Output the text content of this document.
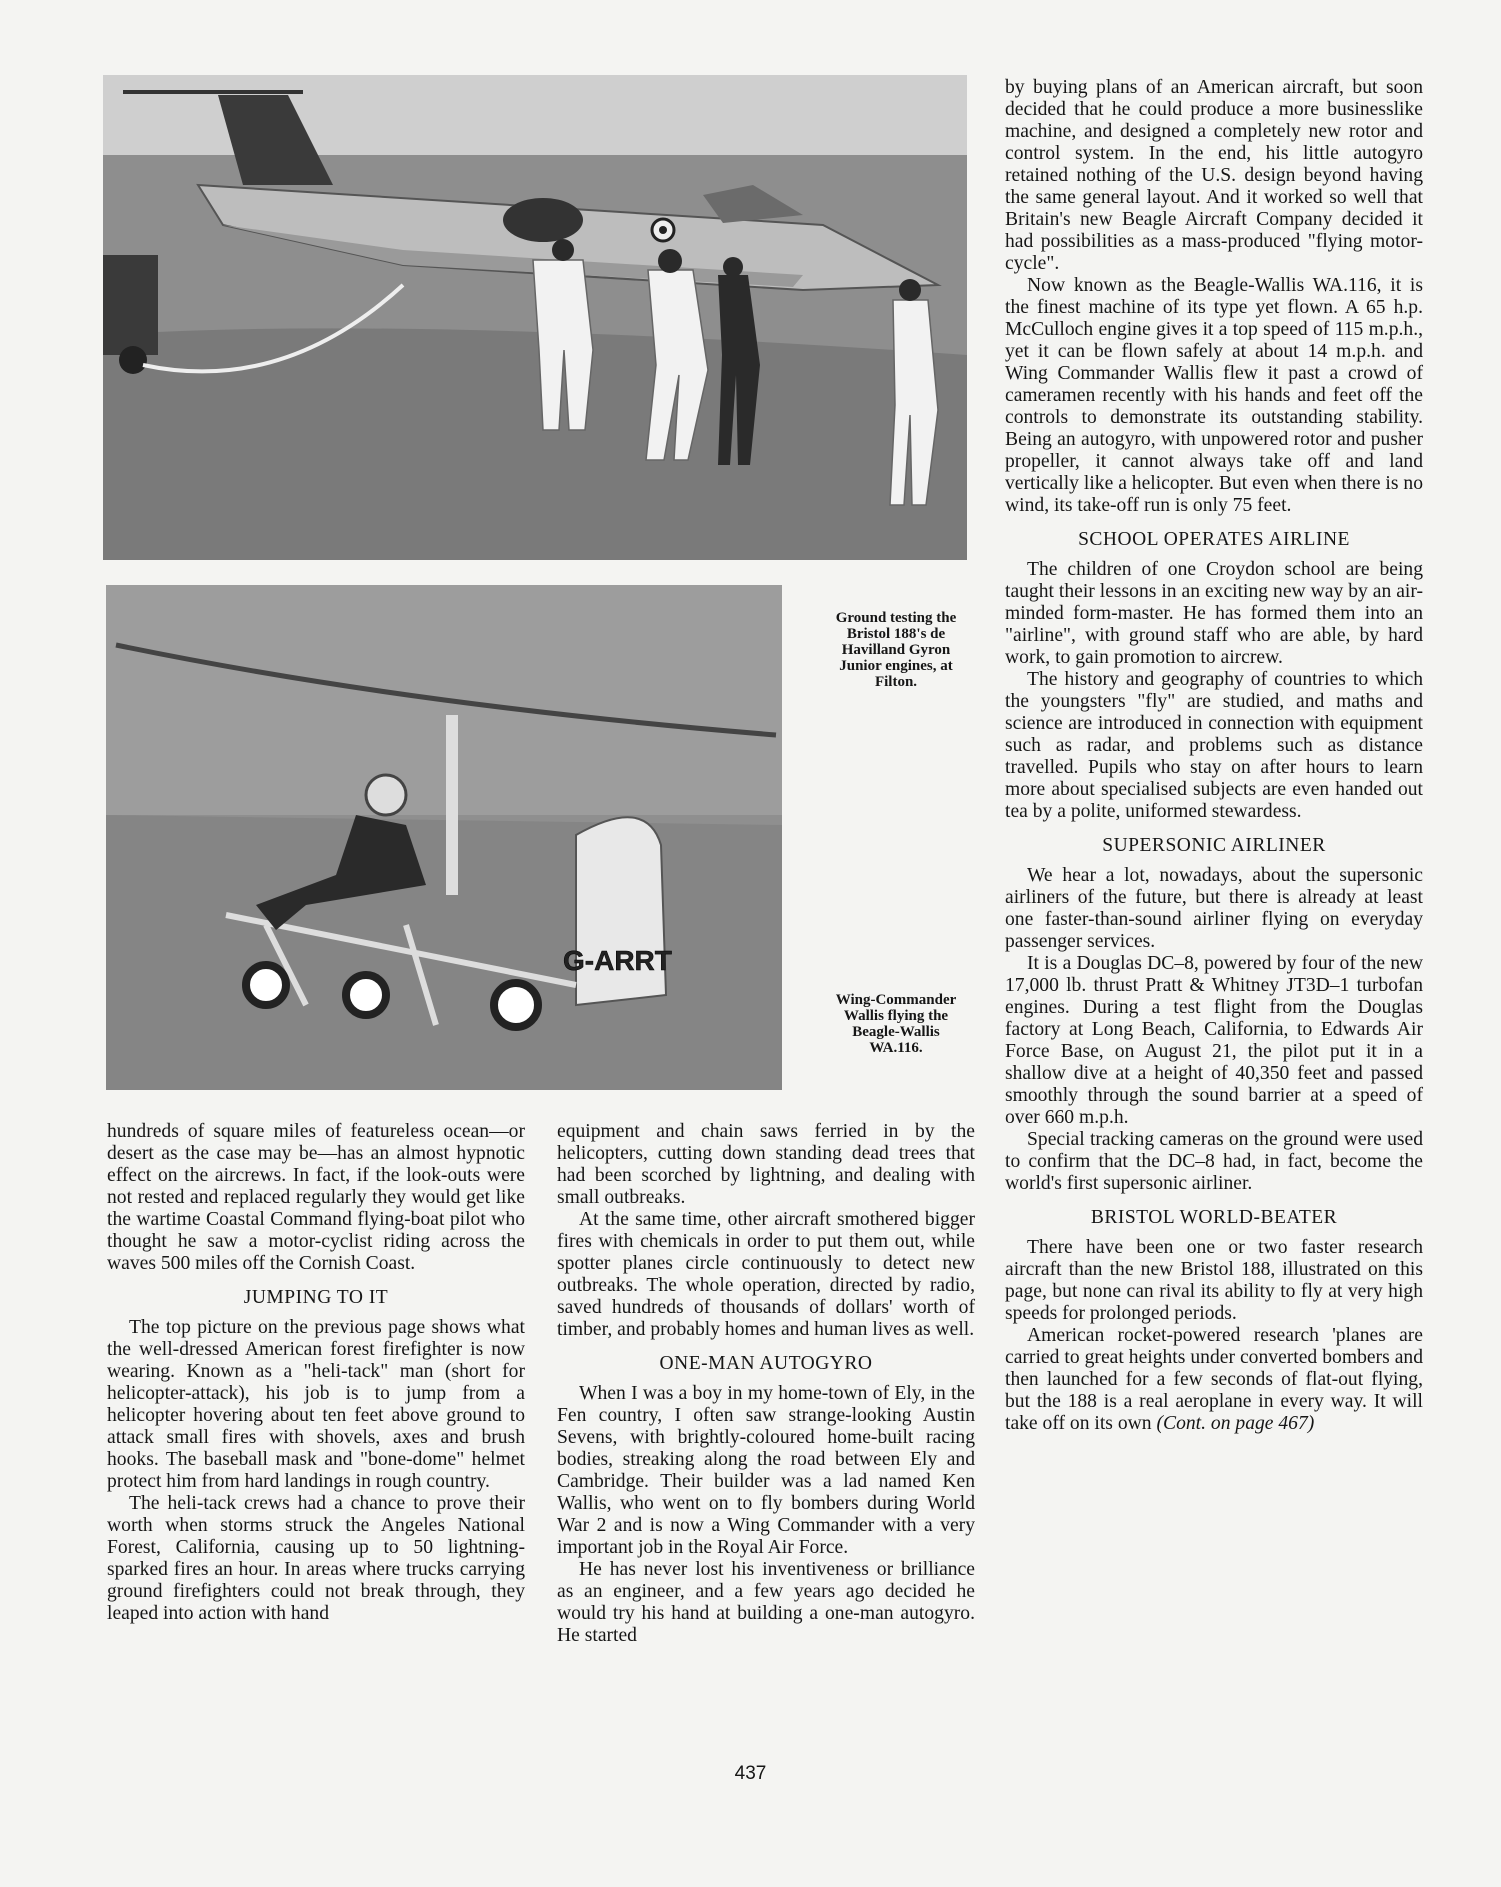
G-ARRT
Ground testing the
Bristol 188's de
Havilland Gyron
Junior engines, at
Filton.
Wing-Commander
Wallis flying the
Beagle-Wallis
WA.116.

hundreds of square miles of featureless ocean—or desert as the case may be—has an almost hypnotic effect on the aircrews. In fact, if the look-outs were not rested and replaced regularly they would get like the wartime Coastal Command flying-boat pilot who thought he saw a motor-cyclist riding across the waves 500 miles off the Cornish Coast.

JUMPING TO IT

The top picture on the previous page shows what the well-dressed American forest firefighter is now wearing. Known as a "heli-tack" man (short for helicopter-attack), his job is to jump from a helicopter hovering about ten feet above ground to attack small fires with shovels, axes and brush hooks. The baseball mask and "bone-dome" helmet protect him from hard landings in rough country.

The heli-tack crews had a chance to prove their worth when storms struck the Angeles National Forest, California, causing up to 50 lightning-sparked fires an hour. In areas where trucks carrying ground firefighters could not break through, they leaped into action with hand

equipment and chain saws ferried in by the helicopters, cutting down standing dead trees that had been scorched by lightning, and dealing with small outbreaks.

At the same time, other aircraft smothered bigger fires with chemicals in order to put them out, while spotter planes circle continuously to detect new outbreaks. The whole operation, directed by radio, saved hundreds of thousands of dollars' worth of timber, and probably homes and human lives as well.

ONE-MAN AUTOGYRO

When I was a boy in my home-town of Ely, in the Fen country, I often saw strange-looking Austin Sevens, with brightly-coloured home-built racing bodies, streaking along the road between Ely and Cambridge. Their builder was a lad named Ken Wallis, who went on to fly bombers during World War 2 and is now a Wing Commander with a very important job in the Royal Air Force.

He has never lost his inventiveness or brilliance as an engineer, and a few years ago decided he would try his hand at building a one-man autogyro. He started

by buying plans of an American aircraft, but soon decided that he could produce a more businesslike machine, and designed a completely new rotor and control system. In the end, his little autogyro retained nothing of the U.S. design beyond having the same general layout. And it worked so well that Britain's new Beagle Aircraft Company decided it had possibilities as a mass-produced "flying motor-cycle".

Now known as the Beagle-Wallis WA.116, it is the finest machine of its type yet flown. A 65 h.p. McCulloch engine gives it a top speed of 115 m.p.h., yet it can be flown safely at about 14 m.p.h. and Wing Commander Wallis flew it past a crowd of cameramen recently with his hands and feet off the controls to demonstrate its outstanding stability. Being an autogyro, with unpowered rotor and pusher propeller, it cannot always take off and land vertically like a helicopter. But even when there is no wind, its take-off run is only 75 feet.

SCHOOL OPERATES AIRLINE

The children of one Croydon school are being taught their lessons in an exciting new way by an air-minded form-master. He has formed them into an "airline", with ground staff who are able, by hard work, to gain promotion to aircrew.

The history and geography of countries to which the youngsters "fly" are studied, and maths and science are introduced in connection with equipment such as radar, and problems such as distance travelled. Pupils who stay on after hours to learn more about specialised subjects are even handed out tea by a polite, uniformed stewardess.

SUPERSONIC AIRLINER

We hear a lot, nowadays, about the supersonic airliners of the future, but there is already at least one faster-than-sound airliner flying on everyday passenger services.

It is a Douglas DC–8, powered by four of the new 17,000 lb. thrust Pratt & Whitney JT3D–1 turbofan engines. During a test flight from the Douglas factory at Long Beach, California, to Edwards Air Force Base, on August 21, the pilot put it in a shallow dive at a height of 40,350 feet and passed smoothly through the sound barrier at a speed of over 660 m.p.h.

Special tracking cameras on the ground were used to confirm that the DC–8 had, in fact, become the world's first supersonic airliner.

BRISTOL WORLD-BEATER

There have been one or two faster research aircraft than the new Bristol 188, illustrated on this page, but none can rival its ability to fly at very high speeds for prolonged periods.

American rocket-powered research 'planes are carried to great heights under converted bombers and then launched for a few seconds of flat-out flying, but the 188 is a real aeroplane in every way. It will take off on its own (Cont. on page 467)

437
